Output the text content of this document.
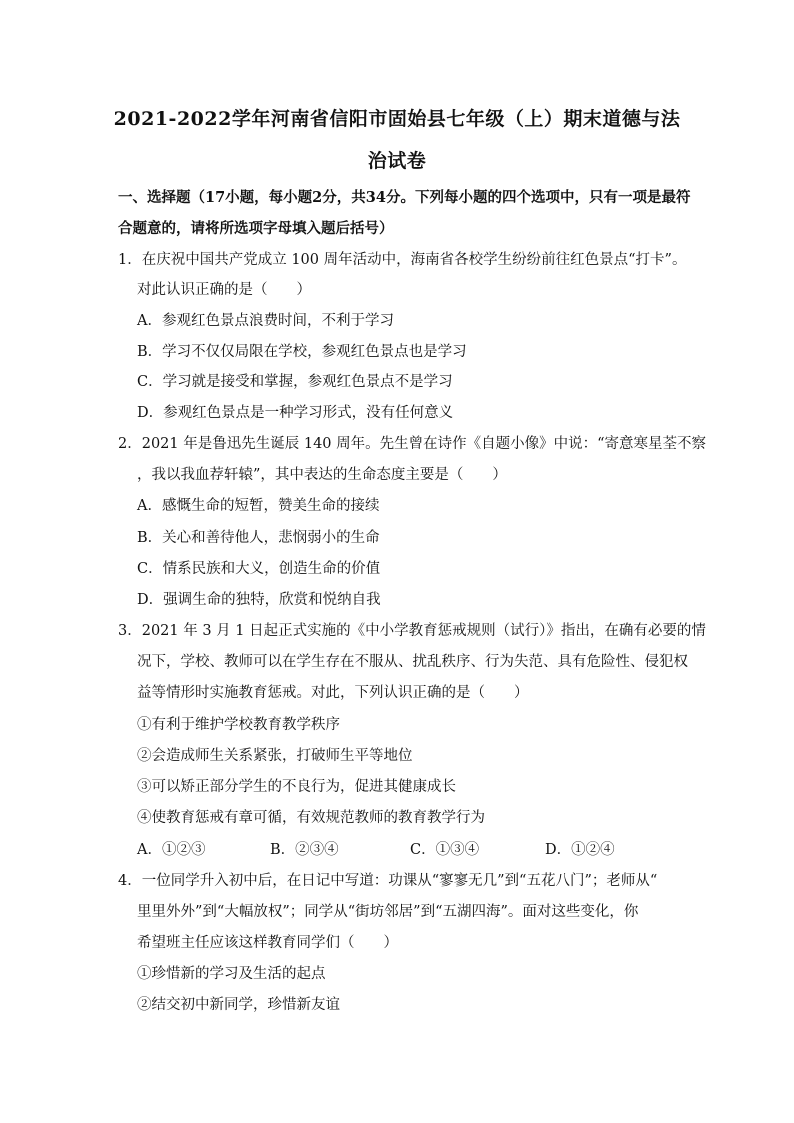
2021-2022学年河南省信阳市固始县七年级（上）期末道德与法
治试卷
一、选择题（17小题，每小题2分，共34分。下列每小题的四个选项中，只有一项是最符
合题意的，请将所选项字母填入题后括号）
1．在庆祝中国共产党成立 100 周年活动中，海南省各校学生纷纷前往红色景点“打卡”。
对此认识正确的是（　　）
A．参观红色景点浪费时间，不利于学习
B．学习不仅仅局限在学校，参观红色景点也是学习
C．学习就是接受和掌握，参观红色景点不是学习
D．参观红色景点是一种学习形式，没有任何意义
2．2021 年是鲁迅先生诞辰 140 周年。先生曾在诗作《自题小像》中说：“寄意寒星荃不察
，我以我血荐轩辕”，其中表达的生命态度主要是（　　）
A．感慨生命的短暂，赞美生命的接续
B．关心和善待他人，悲悯弱小的生命
C．情系民族和大义，创造生命的价值
D．强调生命的独特，欣赏和悦纳自我
3．2021 年 3 月 1 日起正式实施的《中小学教育惩戒规则（试行）》指出，在确有必要的情
况下，学校、教师可以在学生存在不服从、扰乱秩序、行为失范、具有危险性、侵犯权
益等情形时实施教育惩戒。对此，下列认识正确的是（　　）
①有利于维护学校教育教学秩序
②会造成师生关系紧张，打破师生平等地位
③可以矫正部分学生的不良行为，促进其健康成长
④使教育惩戒有章可循，有效规范教师的教育教学行为
A．①②③	B．②③④	C．①③④	D．①②④
4．一位同学升入初中后，在日记中写道：功课从“寥寥无几”到“五花八门”；老师从“
里里外外”到“大幅放权”；同学从“街坊邻居”到“五湖四海”。面对这些变化，你
希望班主任应该这样教育同学们（　　）
①珍惜新的学习及生活的起点
②结交初中新同学，珍惜新友谊
